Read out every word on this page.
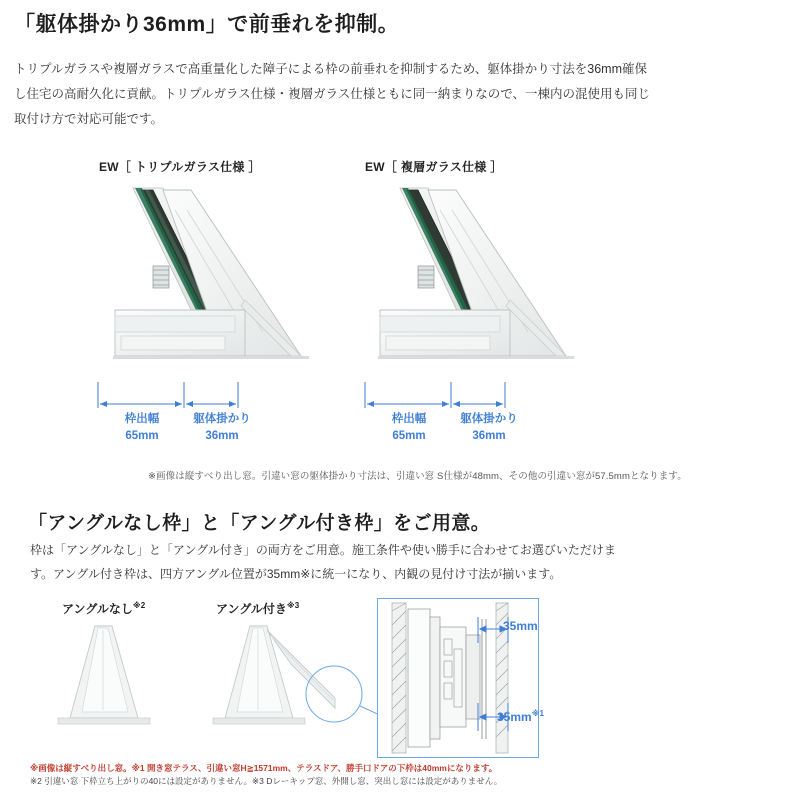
「躯体掛かり36mm」で前垂れを抑制。
トリプルガラスや複層ガラスで高重量化した障子による枠の前垂れを抑制するため、躯体掛かり寸法を36mm確保し住宅の高耐久化に貢献。トリプルガラス仕様・複層ガラス仕様ともに同一納まりなので、一棟内の混使用も同じ取付け方で対応可能です。
EW［ トリプルガラス仕様 ］	EW［ 複層ガラス仕様 ］
枠出幅
65mm
躯体掛かり
36mm
枠出幅
65mm
躯体掛かり
36mm
※画像は縦すべり出し窓。引違い窓の躯体掛かり寸法は、引違い窓 S仕様が48mm、その他の引違い窓が57.5mmとなります。
「アングルなし枠」と「アングル付き枠」をご用意。
枠は「アングルなし」と「アングル付き」の両方をご用意。施工条件や使い勝手に合わせてお選びいただけます。アングル付き枠は、四方アングル位置が35mm※に統一になり、内観の見付け寸法が揃います。
アングルなし$^{※2}$	アングル付き$^{※3}$
35mm
$35mm^{※1}$
※画像は縦すべり出し窓。※1 開き窓テラス、引違い窓H≧1571mm、テラスドア、勝手口ドアの下枠は40mmになります。
※2 引違い窓 下枠立ち上がりの40には設定がありません。※3 Dレーキップ窓、外開し窓、突出し窓には設定がありません。
